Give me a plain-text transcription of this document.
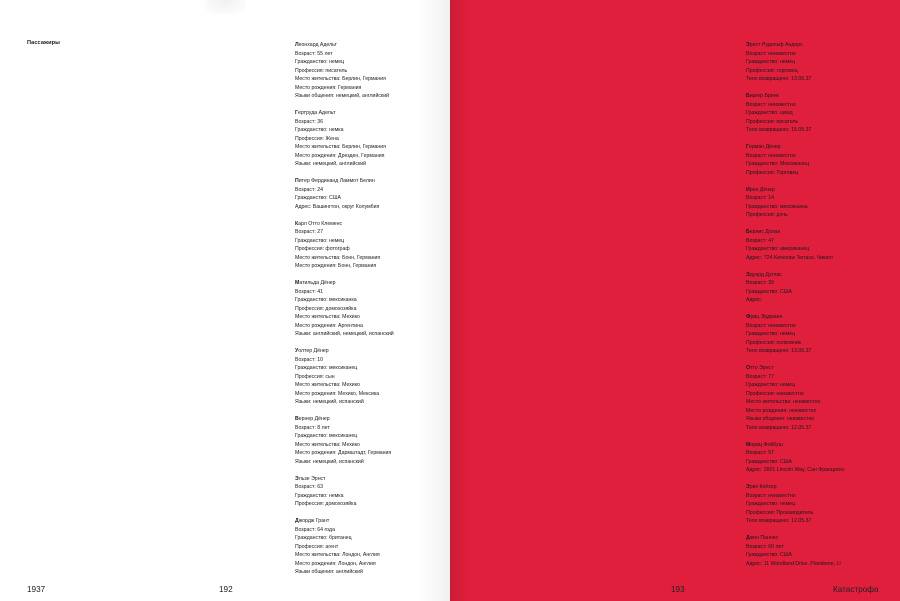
Пассажиры	Леонхард Адельт
Возраст: 55 лет
Гражданство: немец
Профессия: писатель
Место жительства: Берлин, Германия
Место рождения: Германия
Языки общения: немецкий, английский
Гертруда Адельт
Возраст: 36
Гражданство: немка
Профессия: Жена
Место жительства: Берлин, Германия
Место рождения: Дрезден, Германия
Языки: немецкий, английский
Питер Фердинанд Ламмот Белин
Возраст: 24
Гражданство: США
Адрес: Вашингтон, округ Колумбия
Карл Отто Клеменс
Возраст: 27
Гражданство: немец
Профессия: фотограф
Место жительства: Бонн, Германия
Место рождения: Бонн, Германия
Матильда Дёнер
Возраст: 41
Гражданство: мексиканка
Профессия: домохозяйка
Место жительства: Мехико
Место рождения: Аргентина
Языки: английский, немецкий, испанский
Уолтер Дёнер
Возраст: 10
Гражданство: мексиканец
Профессия: сын
Место жительства: Мехико
Место рождения: Мехико, Мексика
Языки: немецкий, испанский
Вернер Дёнер
Возраст: 8 лет
Гражданство: мексиканец
Место жительства: Мехико
Место рождения: Дармштадт, Германия
Языки: немецкий, испанский
Эльзе Эрнст
Возраст: 63
Гражданство: немка
Профессия: домохозяйка
Джордж Грант
Возраст: 64 года
Гражданство: британец
Профессия: агент
Место жительства: Лондон, Англия
Место рождения: Лондон, Англия
Языки общения: английский
1937	192
Эрнст Рудольф Андерс
Возраст: неизвестно
Гражданство: немец
Профессия: торговец
Тело возвращено: 13.05.37
Биргер Бринк
Возраст: неизвестно
Гражданство: швед
Профессия: писатель
Тело возвращено: 15.05.37
Герман Дёнер
Возраст: неизвестно
Гражданство: Мексиканец
Профессия: Торговец
Ирен Дёнер
Возраст: 14
Гражданство: мексиканка
Профессия: дочь
Берлис Долан
Возраст: 47
Гражданство: американец
Адрес: 724 Kenesaw Terrace, Чикаго
Эдуард Дуглас
Возраст: 39
Гражданство: США
Адрес:
Фриц Эрдманн
Возраст: неизвестно
Гражданство: немец
Профессия: полковник
Тело возвращено: 13.05.37
Отто Эрнст
Возраст: 77
Гражданство: немец
Профессия: неизвестно
Место жительства: неизвестно
Место рождения: неизвестно
Языки общения: неизвестно
Тело возвращено: 12.05.37
Мориц Фейбуш
Возраст: 57
Гражданство: США
Адрес: 2601 Lincoln Way, Сан Франциско
Эрих Кнёхер
Возраст: неизвестно
Гражданство: немец
Профессия: Производитель
Тело возвращено: 12.05.37
Джон Паннес
Возраст: 60 лет
Гражданство: США
Адрес: 11 Woodland Drive, Plandome, LI
193	Катастрофа
